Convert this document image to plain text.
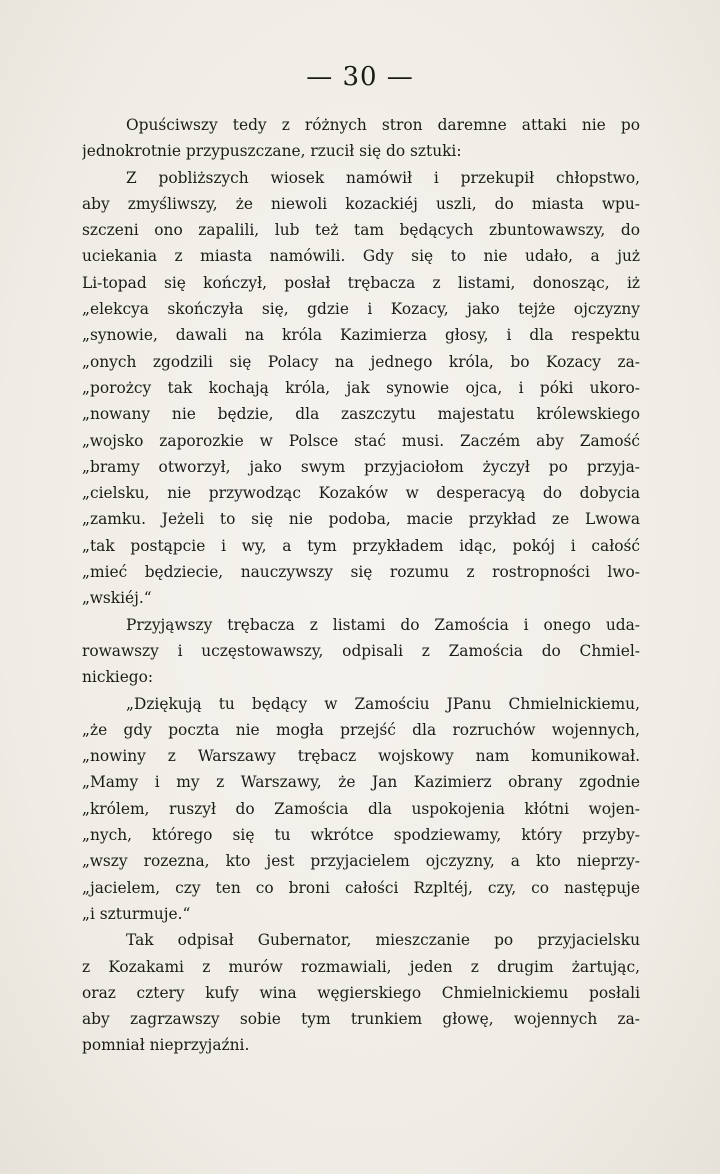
— 30 —
Opuściwszy tedy z różnych stron daremne attaki nie po
jednokrotnie przypuszczane, rzucił się do sztuki:
Z pobliższych wiosek namówił i przekupił chłopstwo,
aby zmyśliwszy, że niewoli kozackiéj uszli, do miasta wpu-
szczeni ono zapalili, lub też tam będących zbuntowawszy, do
uciekania z miasta namówili. Gdy się to nie udało, a już
Li-topad się kończył, posłał trębacza z listami, donosząc, iż
„elekcya skończyła się, gdzie i Kozacy, jako tejże ojczyzny
„synowie, dawali na króla Kazimierza głosy, i dla respektu
„onych zgodzili się Polacy na jednego króla, bo Kozacy za-
„porożcy tak kochają króla, jak synowie ojca, i póki ukoro-
„nowany nie będzie, dla zaszczytu majestatu królewskiego
„wojsko zaporozkie w Polsce stać musi. Zaczém aby Zamość
„bramy otworzył, jako swym przyjaciołom życzył po przyja-
„cielsku, nie przywodząc Kozaków w desperacyą do dobycia
„zamku. Jeżeli to się nie podoba, macie przykład ze Lwowa
„tak postąpcie i wy, a tym przykładem idąc, pokój i całość
„mieć będziecie, nauczywszy się rozumu z rostropności lwo-
„wskiéj.“
Przyjąwszy trębacza z listami do Zamościa i onego uda-
rowawszy i uczęstowawszy, odpisali z Zamościa do Chmiel-
nickiego:
„Dziękują tu będący w Zamościu JPanu Chmielnickiemu,
„że gdy poczta nie mogła przejść dla rozruchów wojennych,
„nowiny z Warszawy trębacz wojskowy nam komunikował.
„Mamy i my z Warszawy, że Jan Kazimierz obrany zgodnie
„królem, ruszył do Zamościa dla uspokojenia kłótni wojen-
„nych, którego się tu wkrótce spodziewamy, który przyby-
„wszy rozezna, kto jest przyjacielem ojczyzny, a kto nieprzy-
„jacielem, czy ten co broni całości Rzpltéj, czy, co następuje
„i szturmuje.“
Tak odpisał Gubernator, mieszczanie po przyjacielsku
z Kozakami z murów rozmawiali, jeden z drugim żartując,
oraz cztery kufy wina węgierskiego Chmielnickiemu posłali
aby zagrzawszy sobie tym trunkiem głowę, wojennych za-
pomniał nieprzyjaźni.
